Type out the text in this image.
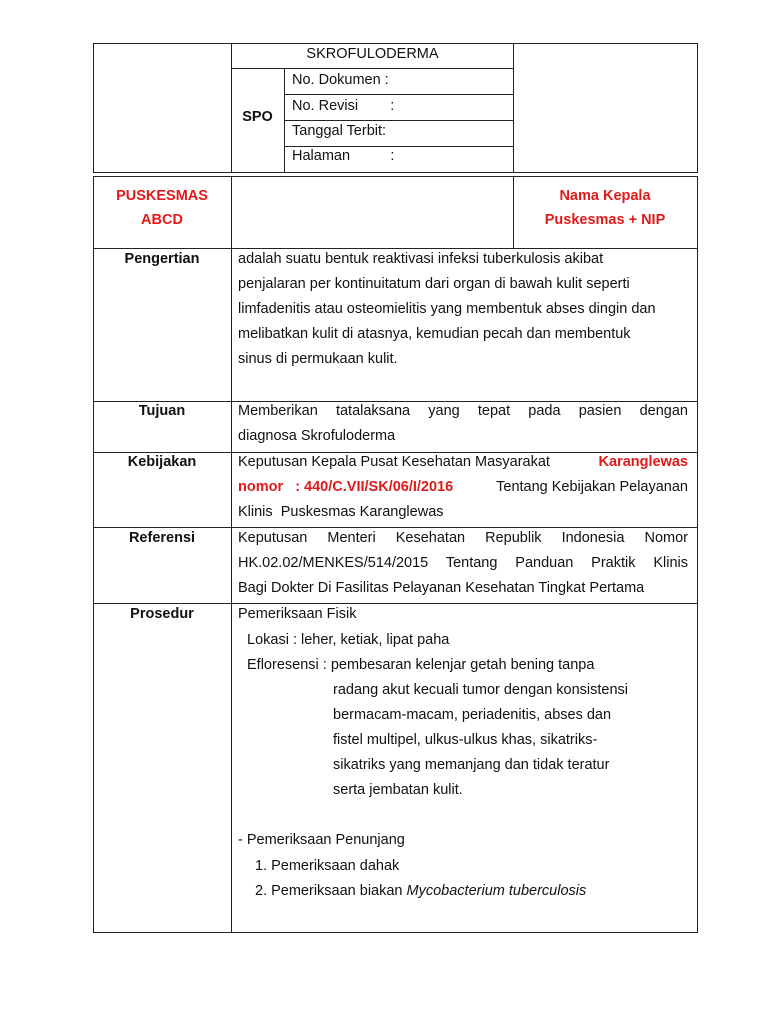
SKROFULODERMA
SPO
No. Dokumen :
No. Revisi        :
Tanggal Terbit:
Halaman          :
PUSKESMAS
ABCD
Nama Kepala
Puskesmas + NIP
Pengertian	adalah suatu bentuk reaktivasi infeksi tuberkulosis akibat
penjalaran per kontinuitatum dari organ di bawah kulit seperti
limfadenitis atau osteomielitis yang membentuk abses dingin dan
melibatkan kulit di atasnya, kemudian pecah dan membentuk
sinus di permukaan kulit.
Tujuan	Memberikan tatalaksana yang tepat pada pasien dengan
diagnosa Skrofuloderma
Kebijakan	Keputusan Kepala Pusat Kesehatan Masyarakat	Karanglewas
nomor   : 440/C.VII/SK/06/I/2016	Tentang Kebijakan Pelayanan
Klinis  Puskesmas Karanglewas
Referensi	Keputusan Menteri Kesehatan Republik Indonesia Nomor
HK.02.02/MENKES/514/2015 Tentang Panduan Praktik Klinis
Bagi Dokter Di Fasilitas Pelayanan Kesehatan Tingkat Pertama
Prosedur	Pemeriksaan Fisik
Lokasi : leher, ketiak, lipat paha
Efloresensi : pembesaran kelenjar getah bening tanpa
radang akut kecuali tumor dengan konsistensi
bermacam-macam, periadenitis, abses dan
fistel multipel, ulkus-ulkus khas, sikatriks-
sikatriks yang memanjang dan tidak teratur
serta jembatan kulit.
- Pemeriksaan Penunjang
1. Pemeriksaan dahak
2. Pemeriksaan biakan Mycobacterium tuberculosis
